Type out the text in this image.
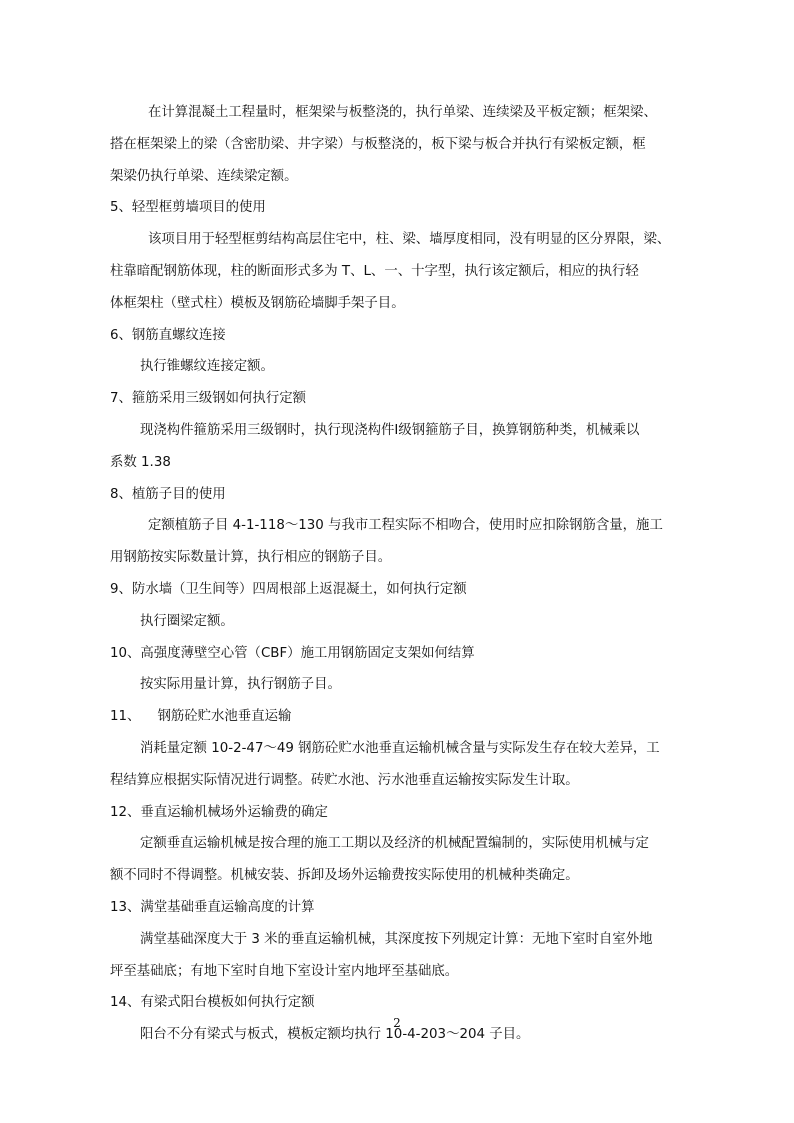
在计算混凝土工程量时，框架梁与板整浇的，执行单梁、连续梁及平板定额；框架梁、
搭在框架梁上的梁（含密肋梁、井字梁）与板整浇的，板下梁与板合并执行有梁板定额，框
架梁仍执行单梁、连续梁定额。
5、轻型框剪墙项目的使用
该项目用于轻型框剪结构高层住宅中，柱、梁、墙厚度相同，没有明显的区分界限，梁、
柱靠暗配钢筋体现，柱的断面形式多为 T、L、一、十字型，执行该定额后，相应的执行轻
体框架柱（壁式柱）模板及钢筋砼墙脚手架子目。
6、钢筋直螺纹连接
执行锥螺纹连接定额。
7、箍筋采用三级钢如何执行定额
现浇构件箍筋采用三级钢时，执行现浇构件Ⅰ级钢箍筋子目，换算钢筋种类，机械乘以
系数 1.38
8、植筋子目的使用
定额植筋子目 4-1-118～130 与我市工程实际不相吻合，使用时应扣除钢筋含量，施工
用钢筋按实际数量计算，执行相应的钢筋子目。
9、防水墙（卫生间等）四周根部上返混凝土，如何执行定额
执行圈梁定额。
10、高强度薄壁空心管（CBF）施工用钢筋固定支架如何结算
按实际用量计算，执行钢筋子目。
11、    钢筋砼贮水池垂直运输
消耗量定额 10-2-47～49 钢筋砼贮水池垂直运输机械含量与实际发生存在较大差异，工
程结算应根据实际情况进行调整。砖贮水池、污水池垂直运输按实际发生计取。
12、垂直运输机械场外运输费的确定
定额垂直运输机械是按合理的施工工期以及经济的机械配置编制的，实际使用机械与定
额不同时不得调整。机械安装、拆卸及场外运输费按实际使用的机械种类确定。
13、满堂基础垂直运输高度的计算
满堂基础深度大于 3 米的垂直运输机械，其深度按下列规定计算：无地下室时自室外地
坪至基础底；有地下室时自地下室设计室内地坪至基础底。
14、有梁式阳台模板如何执行定额
阳台不分有梁式与板式，模板定额均执行 10-4-203～204 子目。
2
